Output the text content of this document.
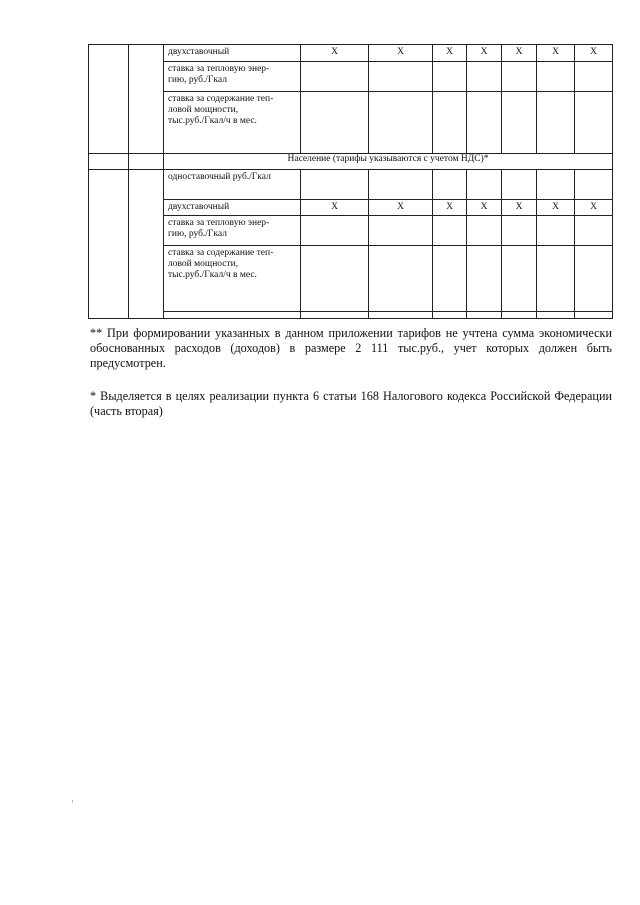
		двухставочный	X	X	X	X	X	X	X
		ставка за тепловую энер-
гию, руб./Гкал							
		ставка за содержание теп-
ловой мощности,
тыс.руб./Гкал/ч в мес.							
		Население (тарифы указываются с учетом НДС)*							
		одноставочный руб./Гкал							
		двухставочный	X	X	X	X	X	X	X
		ставка за тепловую энер-
гию, руб./Гкал							
		ставка за содержание теп-
ловой мощности,
тыс.руб./Гкал/ч в мес.							

** При формировании указанных в данном приложении тарифов не учтена сумма экономически обоснованных расходов (доходов) в размере 2 111 тыс.руб., учет которых должен быть предусмотрен.

* Выделяется в целях реализации пункта 6 статьи 168 Налогового кодекса Российской Федерации (часть вторая)
